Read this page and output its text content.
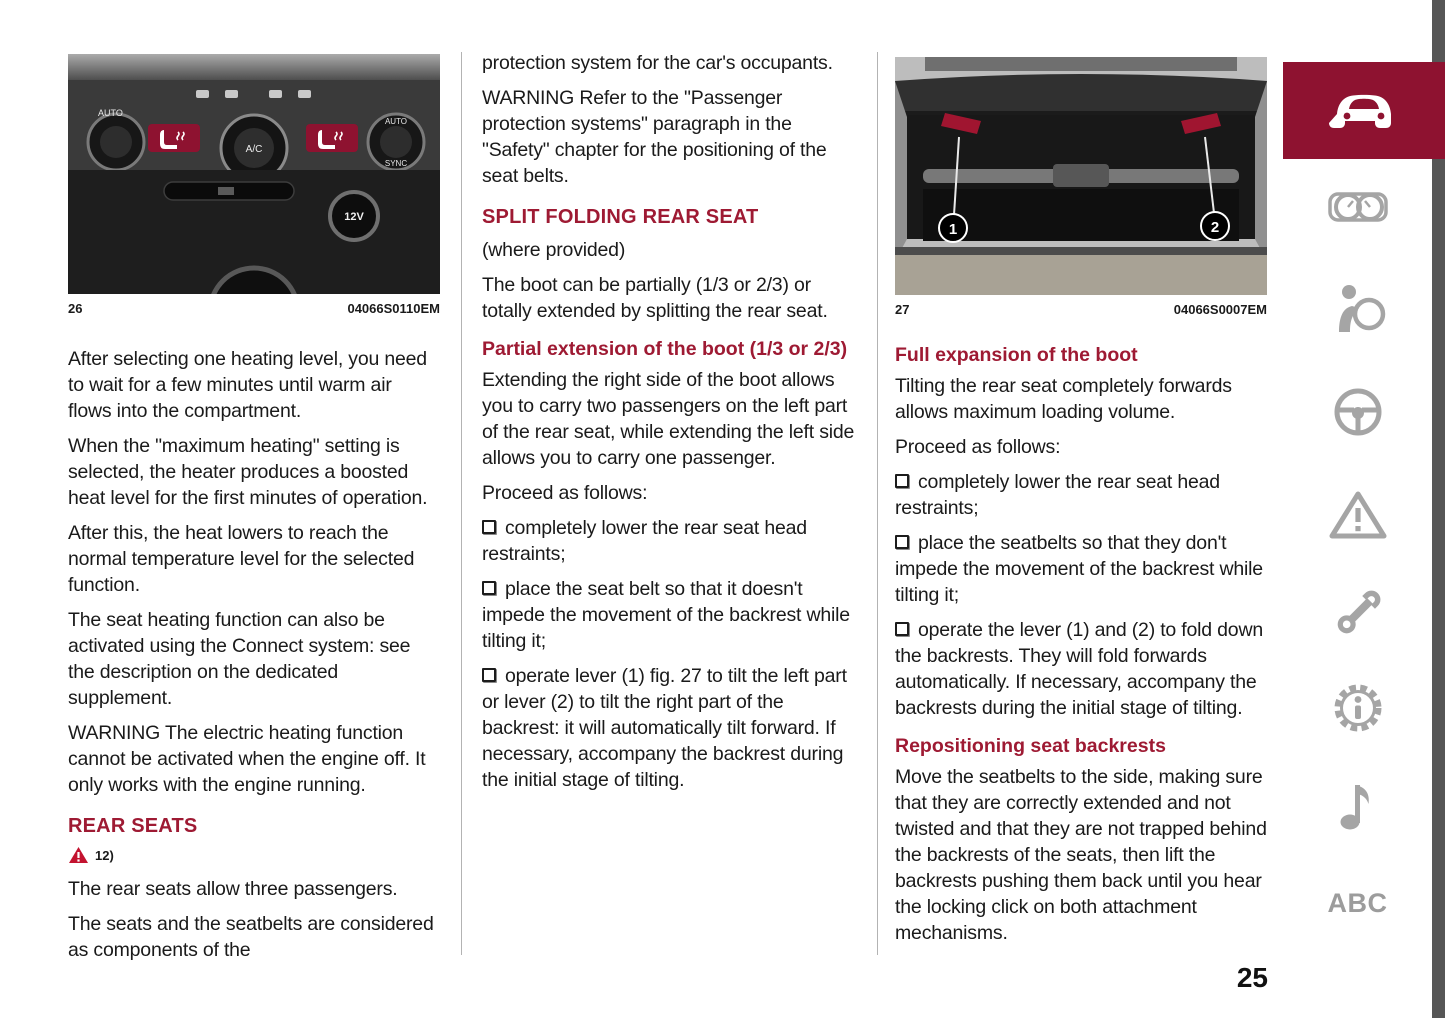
AUTO
A/C
AUTO
SYNC
12V
26	04066S0110EM

After selecting one heating level, you need to wait for a few minutes until warm air flows into the compartment.

When the "maximum heating" setting is selected, the heater produces a boosted heat level for the first minutes of operation.

After this, the heat lowers to reach the normal temperature level for the selected function.

The seat heating function can also be activated using the Connect system: see the description on the dedicated supplement.

WARNING The electric heating function cannot be activated when the engine off. It only works with the engine running.

REAR SEATS
12)

The rear seats allow three passengers.

The seats and the seatbelts are considered as components of the

protection system for the car's occupants.

WARNING Refer to the "Passenger protection systems" paragraph in the "Safety" chapter for the positioning of the seat belts.

SPLIT FOLDING REAR SEAT

(where provided)

The boot can be partially (1/3 or 2/3) or totally extended by splitting the rear seat.

Partial extension of the boot (1/3 or 2/3)

Extending the right side of the boot allows you to carry two passengers on the left part of the rear seat, while extending the left side allows you to carry one passenger.

Proceed as follows:

completely lower the rear seat head restraints;

place the seat belt so that it doesn't impede the movement of the backrest while tilting it;

operate lever (1) fig. 27 to tilt the left part or lever (2) to tilt the right part of the backrest: it will automatically tilt forward. If necessary, accompany the backrest during the initial stage of tilting.

1	2
27	04066S0007EM
Full expansion of the boot

Tilting the rear seat completely forwards allows maximum loading volume.

Proceed as follows:

completely lower the rear seat head restraints;

place the seatbelts so that they don't impede the movement of the backrest while tilting it;

operate the lever (1) and (2) to fold down the backrests. They will fold forwards automatically. If necessary, accompany the backrests during the initial stage of tilting.

Repositioning seat backrests

Move the seatbelts to the side, making sure that they are correctly extended and not twisted and that they are not trapped behind the backrests of the seats, then lift the backrests pushing them back until you hear the locking click on both attachment mechanisms.

ABC
25
